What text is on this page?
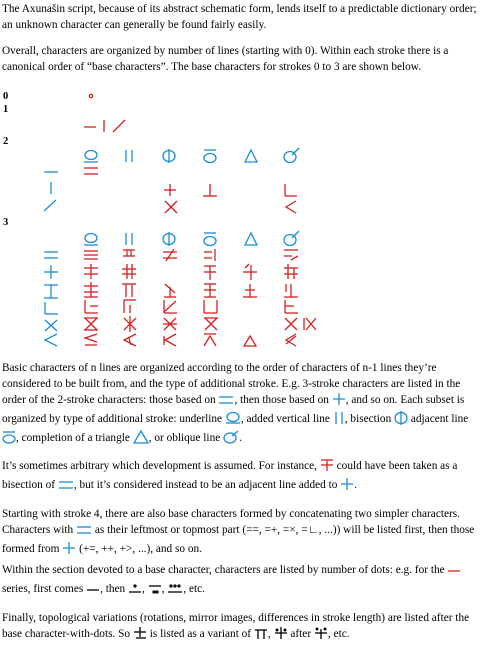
The Axunašin script, because of its abstract schematic form, lends itself to a predictable dictionary order; an unknown character can generally be found fairly easily.

Overall, characters are organized by number of lines (starting with 0). Within each stroke there is a canonical order of “base characters”. The base characters for strokes 0 to 3 are shown below.

0
1
2
3

Basic characters of n lines are organized according to the order of characters of n-1 lines they’re considered to be built from, and the type of additional stroke. E.g. 3-stroke characters are listed in the order of the 2-stroke characters: those based on , then those based on , and so on. Each subset is organized by type of additional stroke: underline , added vertical line , bisection adjacent line , completion of a triangle , or oblique line .

It’s sometimes arbitrary which development is assumed. For instance, could have been taken as a bisection of , but it’s considered instead to be an adjacent line added to .

Starting with stroke 4, there are also base characters formed by concatenating two simpler characters. Characters with as their leftmost or topmost part (==, =+, =×, =∟, ...)) will be listed first, then those formed from (+=, ++, +>, ...), and so on.

Within the section devoted to a base character, characters are listed by number of dots: e.g. for the  series, first comes , then , , , etc.

Finally, topological variations (rotations, mirror images, differences in stroke length) are listed after the base character-with-dots. So is listed as a variant of , after , etc.
